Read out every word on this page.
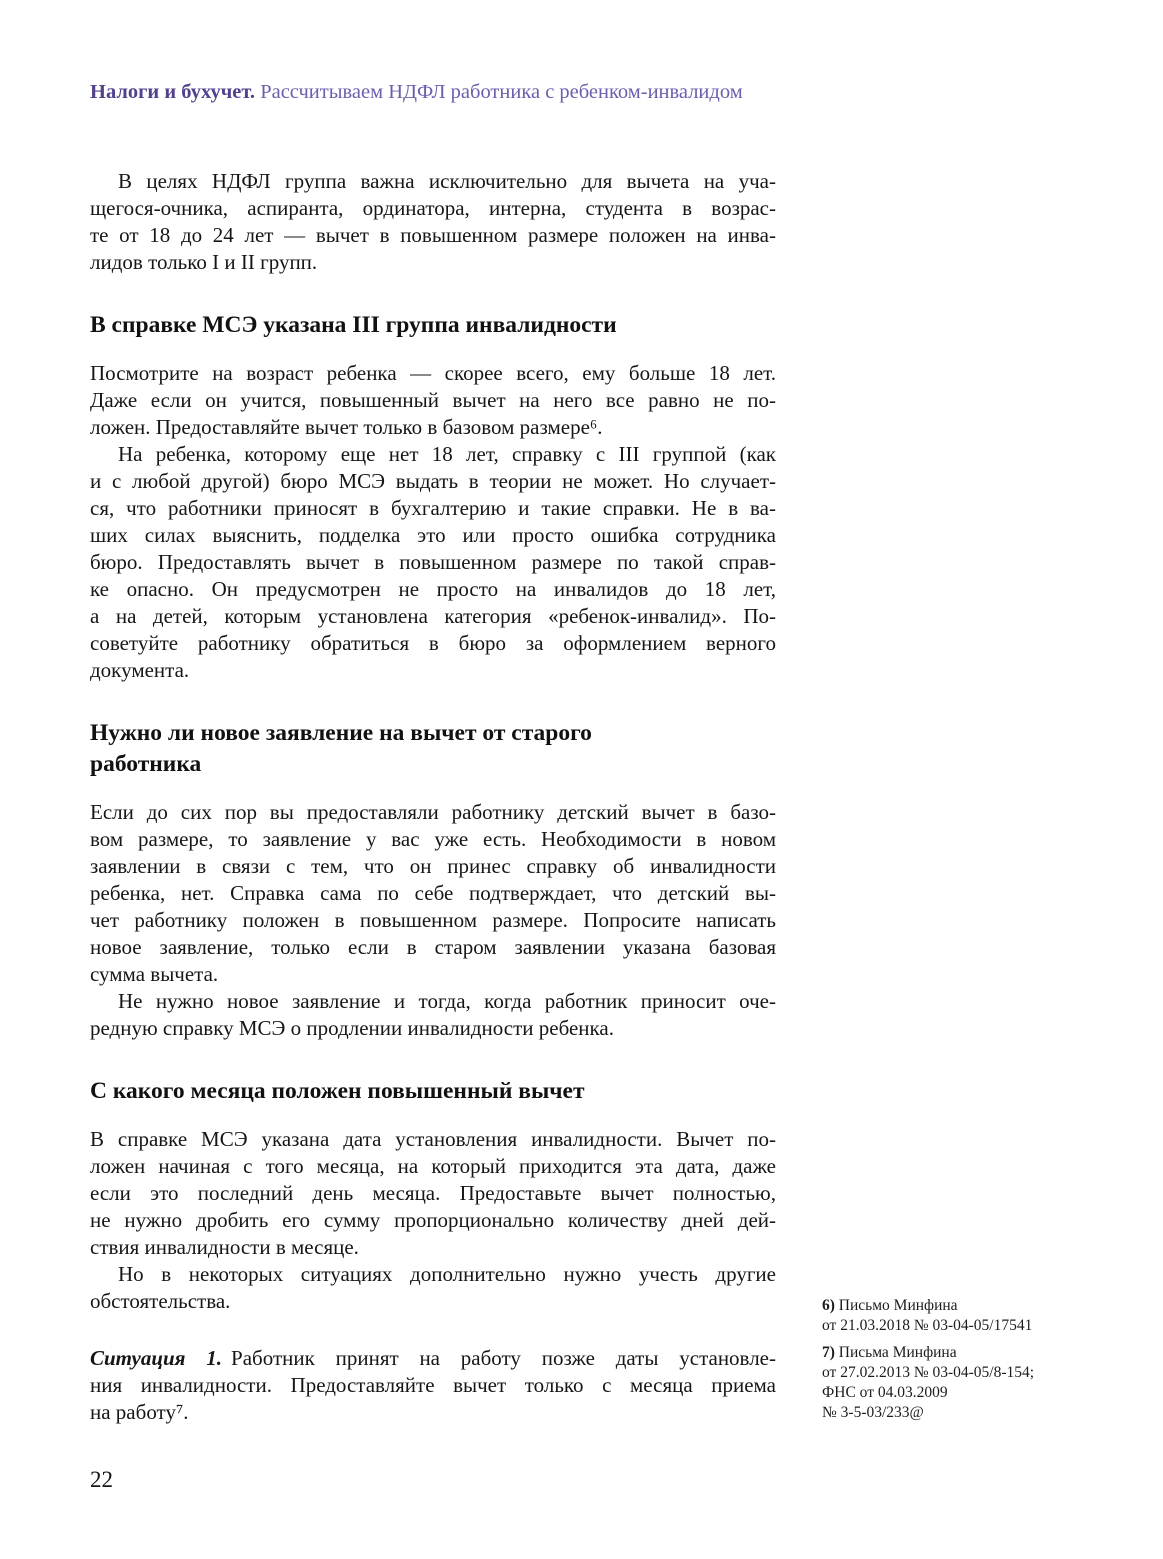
Налоги и бухучет. Рассчитываем НДФЛ работника с ребенком-инвалидом
В целях НДФЛ группа важна исключительно для вычета на уча-
щегося-очника, аспиранта, ординатора, интерна, студента в возрас-
те от 18 до 24 лет — вычет в повышенном размере положен на инва-
лидов только I и II групп.
В справке МСЭ указана III группа инвалидности
Посмотрите на возраст ребенка — скорее всего, ему больше 18 лет.
Даже если он учится, повышенный вычет на него все равно не по-
ложен. Предоставляйте вычет только в базовом размере⁶.
На ребенка, которому еще нет 18 лет, справку с III группой (как
и с любой другой) бюро МСЭ выдать в теории не может. Но случает-
ся, что работники приносят в бухгалтерию и такие справки. Не в ва-
ших силах выяснить, подделка это или просто ошибка сотрудника
бюро. Предоставлять вычет в повышенном размере по такой справ-
ке опасно. Он предусмотрен не просто на инвалидов до 18 лет,
а на детей, которым установлена категория «ребенок-инвалид». По-
советуйте работнику обратиться в бюро за оформлением верного
документа.
Нужно ли новое заявление на вычет от старого
работника
Если до сих пор вы предоставляли работнику детский вычет в базо-
вом размере, то заявление у вас уже есть. Необходимости в новом
заявлении в связи с тем, что он принес справку об инвалидности
ребенка, нет. Справка сама по себе подтверждает, что детский вы-
чет работнику положен в повышенном размере. Попросите написать
новое заявление, только если в старом заявлении указана базовая
сумма вычета.
Не нужно новое заявление и тогда, когда работник приносит оче-
редную справку МСЭ о продлении инвалидности ребенка.
С какого месяца положен повышенный вычет
В справке МСЭ указана дата установления инвалидности. Вычет по-
ложен начиная с того месяца, на который приходится эта дата, даже
если это последний день месяца. Предоставьте вычет полностью,
не нужно дробить его сумму пропорционально количеству дней дей-
ствия инвалидности в месяце.
Но в некоторых ситуациях дополнительно нужно учесть другие
обстоятельства.
Ситуация 1. Работник принят на работу позже даты установле-
ния инвалидности. Предоставляйте вычет только с месяца приема
на работу⁷.
6) Письмо Минфина
от 21.03.2018 № 03-04-05/17541
7) Письма Минфина
от 27.02.2013 № 03-04-05/8-154;
ФНС от 04.03.2009
№ 3-5-03/233@
22
